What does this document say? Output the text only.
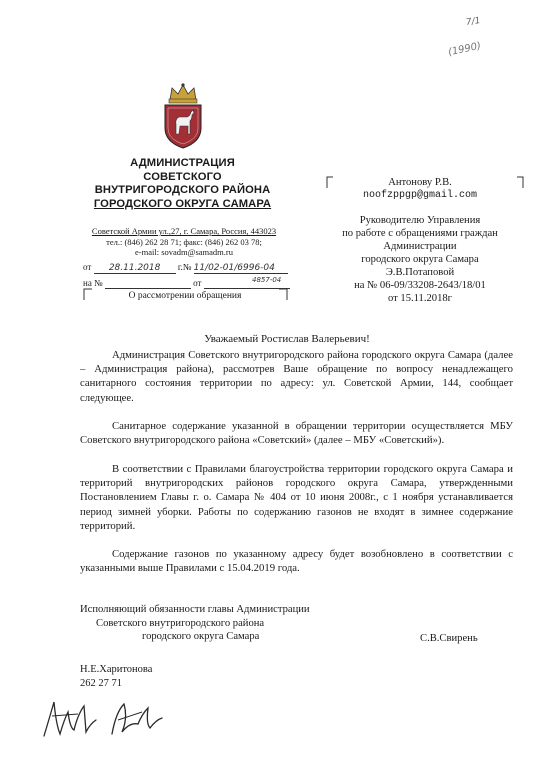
7/1
(1990)
АДМИНИСТРАЦИЯ
СОВЕТСКОГО
ВНУТРИГОРОДСКОГО РАЙОНА
ГОРОДСКОГО ОКРУГА САМАРА
Советской Армии ул.,27, г. Самара, Россия, 443023
тел.: (846) 262 28 71; факс: (846) 262 03 78;
e-mail: sovadm@samadm.ru
от 28.11.2018 г.№ 11/02-01/6996-04
4857-04
на №	от
О рассмотрении обращения
Антонову Р.В.
noofzppgp@gmail.com
Руководителю Управления
по работе с обращениями граждан
Администрации
городского округа Самара
Э.В.Потаповой
на № 06-09/33208-2643/18/01
от 15.11.2018г
Уважаемый Ростислав Валерьевич!
Администрация Советского внутригородского района городского округа Самара (далее – Администрация района), рассмотрев Ваше обращение по вопросу ненадлежащего санитарного состояния территории по адресу: ул. Советской Армии, 144, сообщает следующее.
Санитарное содержание указанной в обращении территории осуществляется МБУ Советского внутригородского района «Советский» (далее – МБУ «Советский»).
В соответствии с Правилами благоустройства территории городского округа Самара и территорий внутригородских районов городского округа Самара, утвержденными Постановлением Главы г. о. Самара № 404 от 10 июня 2008г., с 1 ноября устанавливается период зимней уборки. Работы по содержанию газонов не входят в зимнее содержание территорий.
Содержание газонов по указанному адресу будет возобновлено в соответствии с указанными выше Правилами с 15.04.2019 года.
Исполняющий обязанности главы Администрации
Советского внутригородского района
городского округа Самара	С.В.Свирень
Н.Е.Харитонова
262 27 71
